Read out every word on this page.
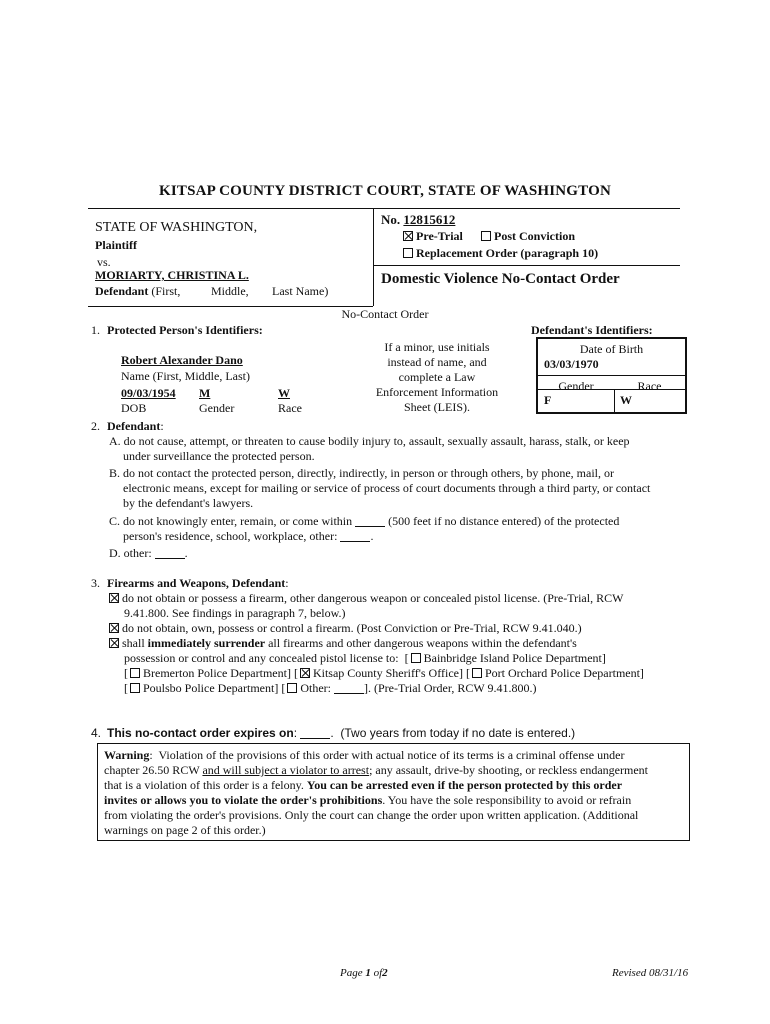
KITSAP COUNTY DISTRICT COURT, STATE OF WASHINGTON
STATE OF WASHINGTON,
Plaintiff
vs.
MORIARTY, CHRISTINA L.
Defendant (First,	Middle, Last Name)
No. 12815612
Pre-Trial	Post Conviction
Replacement Order (paragraph 10)
Domestic Violence No-Contact Order
No-Contact Order
1. Protected Person's Identifiers:
Robert Alexander Dano
Name (First, Middle, Last)
09/03/1954 M	W
DOB	Gender	Race
If a minor, use initials
instead of name, and
complete a Law
Enforcement Information
Sheet (LEIS).
Defendant's Identifiers:
Date of Birth
03/03/1970
Gender	Race
F	W
2. Defendant:
A. do not cause, attempt, or threaten to cause bodily injury to, assault, sexually assault, harass, stalk, or keep
under surveillance the protected person.
B. do not contact the protected person, directly, indirectly, in person or through others, by phone, mail, or
electronic means, except for mailing or service of process of court documents through a third party, or contact
by the defendant's lawyers.
C. do not knowingly enter, remain, or come within	(500 feet if no distance entered) of the protected
person's residence, school, workplace, other:	.
D. other:	.
3. Firearms and Weapons, Defendant:
do not obtain or possess a firearm, other dangerous weapon or concealed pistol license. (Pre-Trial, RCW
9.41.800. See findings in paragraph 7, below.)
do not obtain, own, possess or control a firearm. (Post Conviction or Pre-Trial, RCW 9.41.040.)
shall immediately surrender all firearms and other dangerous weapons within the defendant's
possession or control and any concealed pistol license to:  [ Bainbridge Island Police Department]
[ Bremerton Police Department] [ Kitsap County Sheriff's Office] [ Port Orchard Police Department]
[ Poulsbo Police Department] [ Other:	]. (Pre-Trial Order, RCW 9.41.800.)
4. This no-contact order expires on:	.  (Two years from today if no date is entered.)
Warning:  Violation of the provisions of this order with actual notice of its terms is a criminal offense under
chapter 26.50 RCW and will subject a violator to arrest; any assault, drive-by shooting, or reckless endangerment
that is a violation of this order is a felony. You can be arrested even if the person protected by this order
invites or allows you to violate the order's prohibitions. You have the sole responsibility to avoid or refrain
from violating the order's provisions. Only the court can change the order upon written application. (Additional
warnings on page 2 of this order.)
Page 1 of2	Revised 08/31/16
